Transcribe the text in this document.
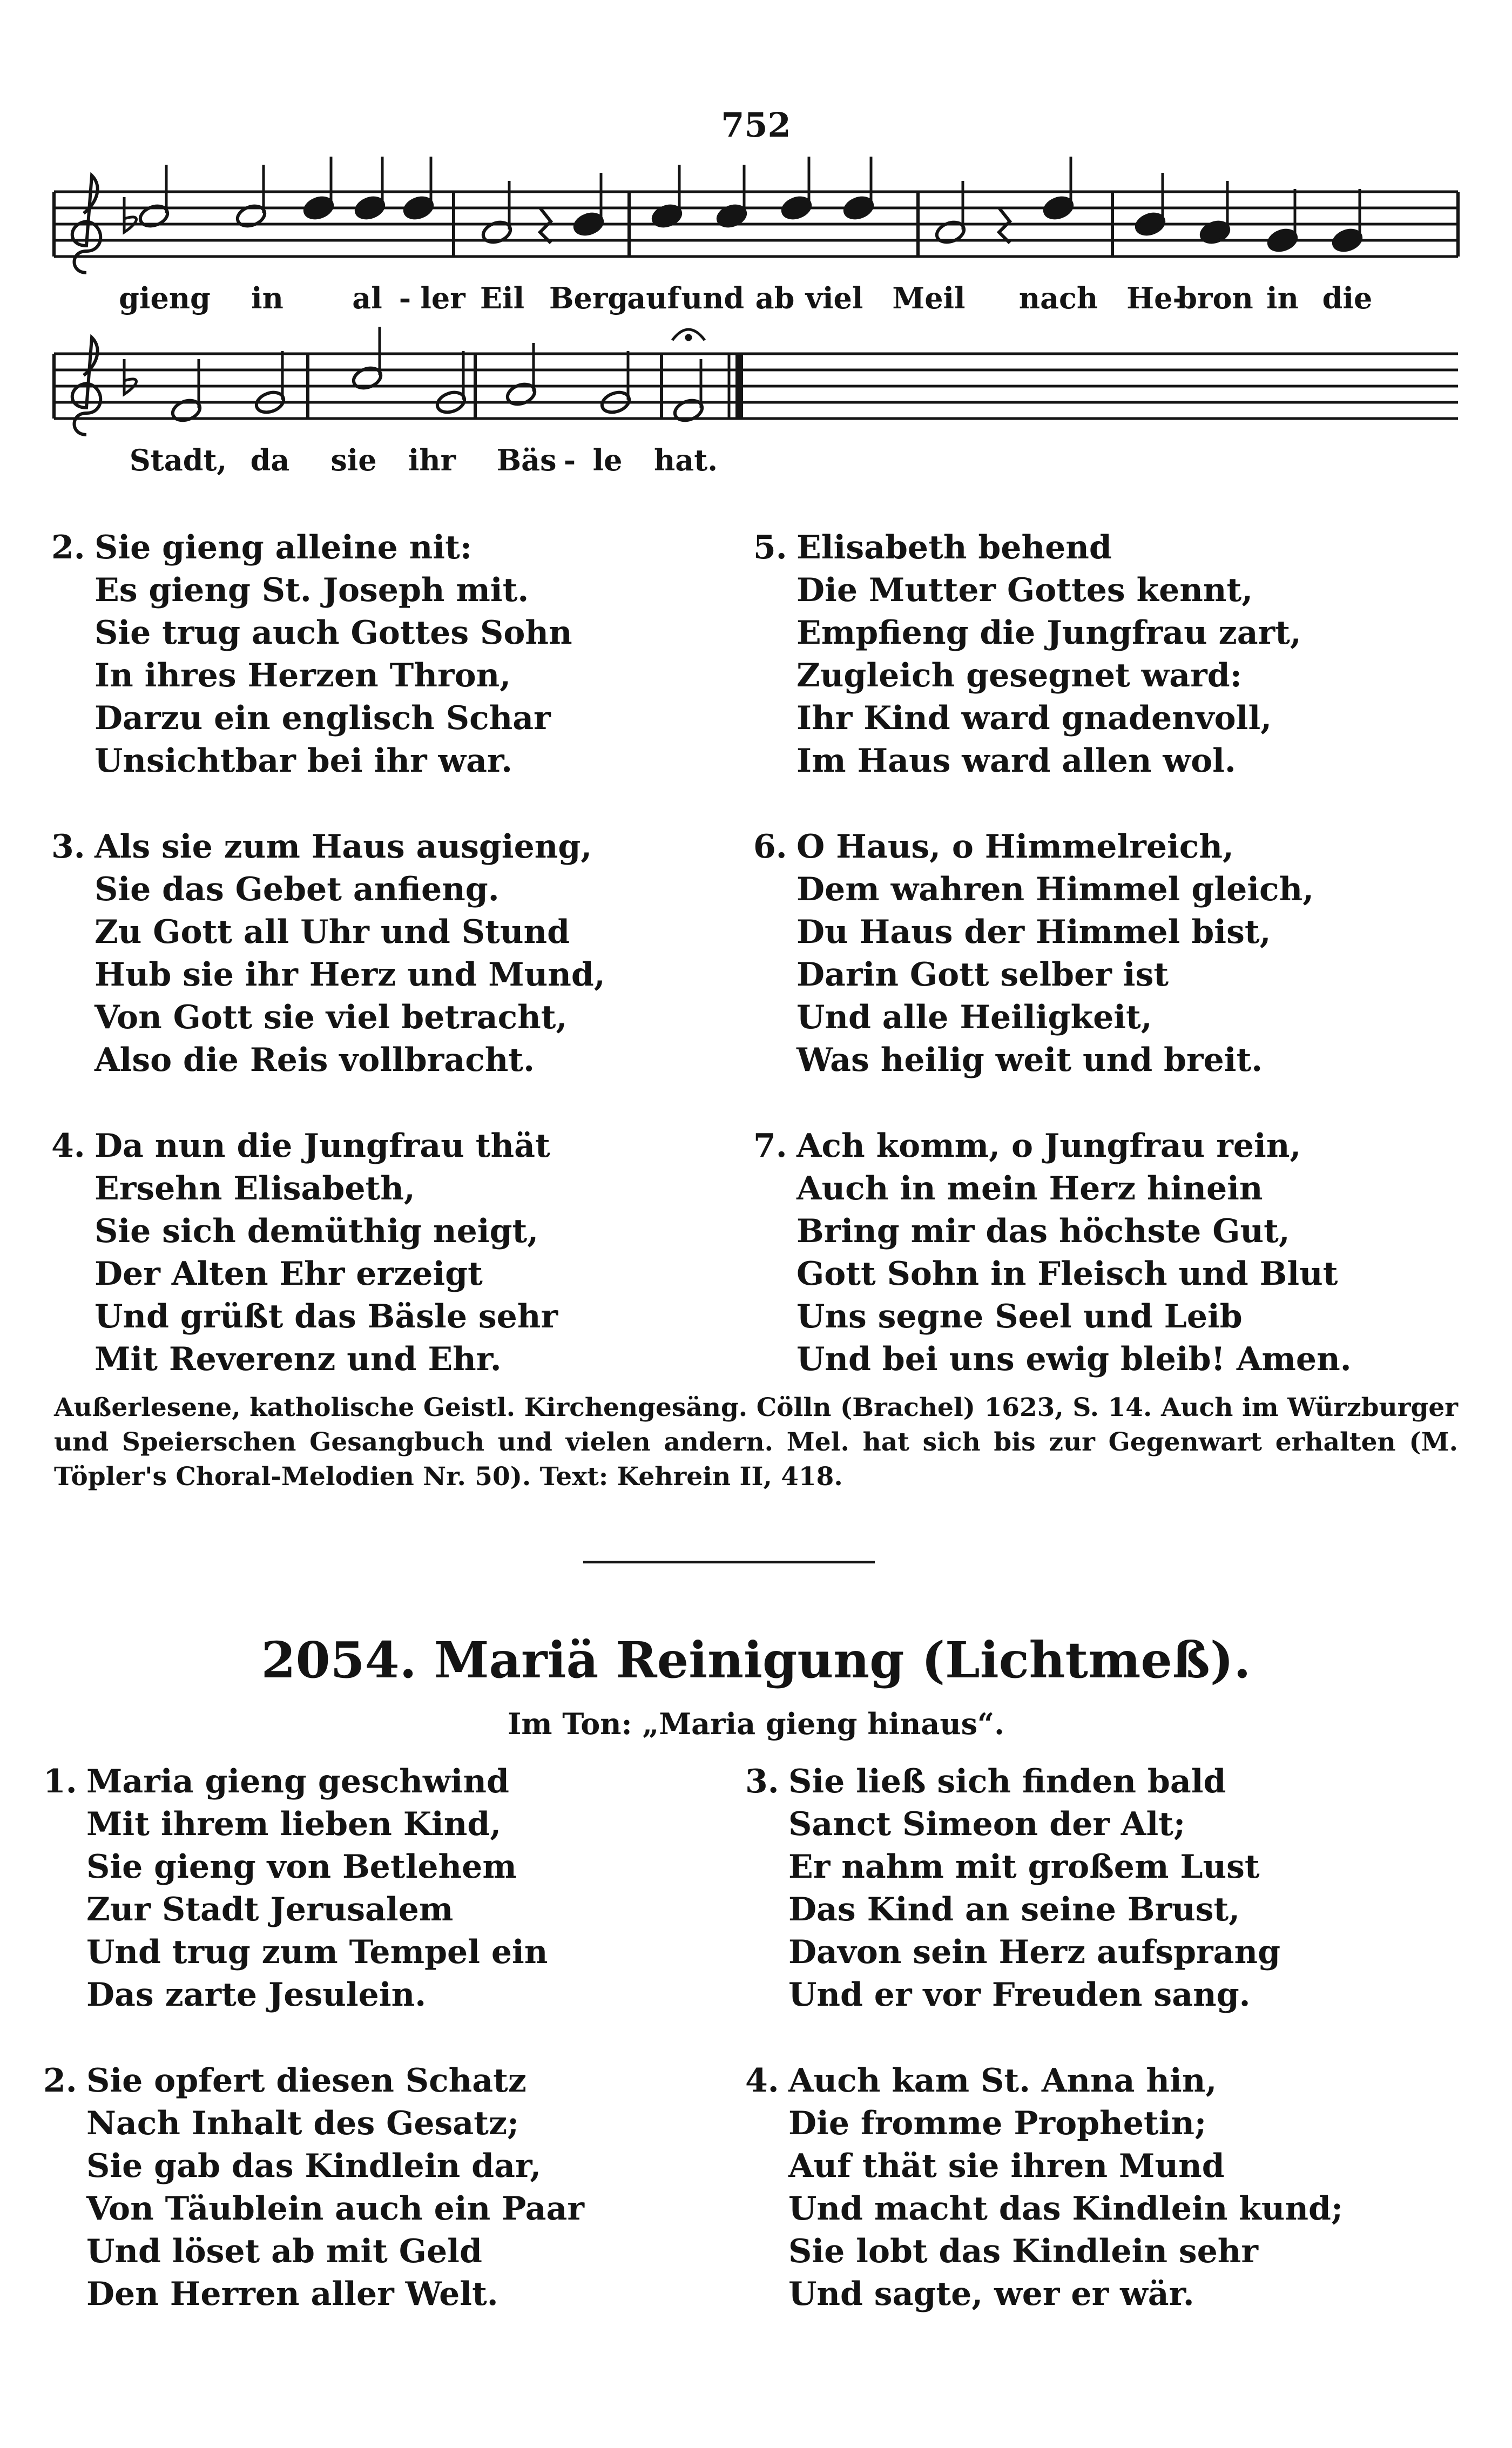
752
gieng in al - ler Eil Berg
auf und ab viel Meil nach He-
bron in die
Stadt, da sie ihr Bäs - le hat.
2. Sie gieng alleine nit:
Es gieng St. Joseph mit.
Sie trug auch Gottes Sohn
In ihres Herzen Thron,
Darzu ein englisch Schar
Unsichtbar bei ihr war.
3. Als sie zum Haus ausgieng,
Sie das Gebet anfieng.
Zu Gott all Uhr und Stund
Hub sie ihr Herz und Mund,
Von Gott sie viel betracht,
Also die Reis vollbracht.
4. Da nun die Jungfrau thät
Ersehn Elisabeth,
Sie sich demüthig neigt,
Der Alten Ehr erzeigt
Und grüßt das Bäsle sehr
Mit Reverenz und Ehr.
5. Elisabeth behend
Die Mutter Gottes kennt,
Empfieng die Jungfrau zart,
Zugleich gesegnet ward:
Ihr Kind ward gnadenvoll,
Im Haus ward allen wol.
6. O Haus, o Himmelreich,
Dem wahren Himmel gleich,
Du Haus der Himmel bist,
Darin Gott selber ist
Und alle Heiligkeit,
Was heilig weit und breit.
7. Ach komm, o Jungfrau rein,
Auch in mein Herz hinein
Bring mir das höchste Gut,
Gott Sohn in Fleisch und Blut
Uns segne Seel und Leib
Und bei uns ewig bleib! Amen.
Außerlesene, katholische Geistl. Kirchengesäng. Cölln (Brachel) 1623, S. 14. Auch im Würzburger und Speierschen Gesangbuch und vielen andern. Mel. hat sich bis zur Gegenwart erhalten (M. Töpler's Choral-Melodien Nr. 50). Text: Kehrein II, 418.
2054. Mariä Reinigung (Lichtmeß).
Im Ton: „Maria gieng hinaus“.
1. Maria gieng geschwind
Mit ihrem lieben Kind,
Sie gieng von Betlehem
Zur Stadt Jerusalem
Und trug zum Tempel ein
Das zarte Jesulein.
2. Sie opfert diesen Schatz
Nach Inhalt des Gesatz;
Sie gab das Kindlein dar,
Von Täublein auch ein Paar
Und löset ab mit Geld
Den Herren aller Welt.
3. Sie ließ sich finden bald
Sanct Simeon der Alt;
Er nahm mit großem Lust
Das Kind an seine Brust,
Davon sein Herz aufsprang
Und er vor Freuden sang.
4. Auch kam St. Anna hin,
Die fromme Prophetin;
Auf thät sie ihren Mund
Und macht das Kindlein kund;
Sie lobt das Kindlein sehr
Und sagte, wer er wär.
